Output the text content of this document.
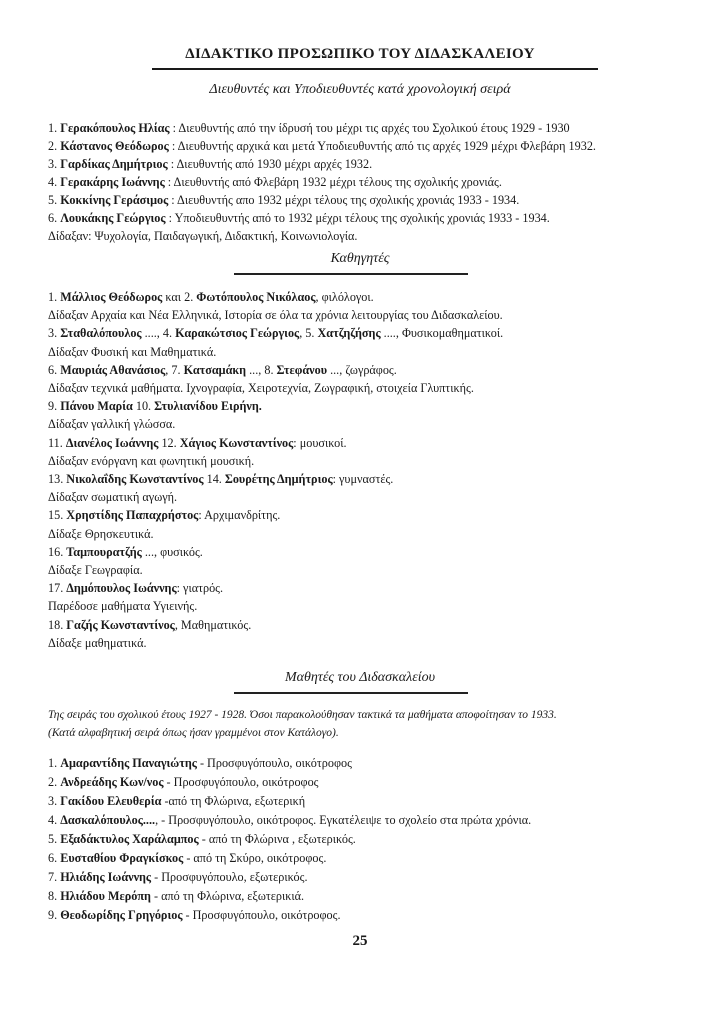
ΔΙΔΑΚΤΙΚΟ ΠΡΟΣΩΠΙΚΟ ΤΟΥ ΔΙΔΑΣΚΑΛΕΙΟΥ
Διευθυντές και Υποδιευθυντές κατά χρονολογική σειρά
1. Γερακόπουλος Ηλίας : Διευθυντής από την ίδρυσή του μέχρι τις αρχές του Σχολικού έτους 1929 - 1930
2. Κάστανος Θεόδωρος : Διευθυντής αρχικά και μετά Υποδιευθυντής από τις αρχές 1929 μέχρι Φλεβάρη 1932.
3. Γαρδίκας Δημήτριος : Διευθυντής από 1930 μέχρι αρχές 1932.
4. Γερακάρης Ιωάννης : Διευθυντής από Φλεβάρη 1932 μέχρι τέλους της σχολικής χρονιάς.
5. Κοκκίνης Γεράσιμος : Διευθυντής απο 1932 μέχρι τέλους της σχολικής χρονιάς 1933 - 1934.
6. Λουκάκης Γεώργιος : Υποδιευθυντής από το 1932 μέχρι τέλους της σχολικής χρονιάς 1933 - 1934.
Δίδαξαν: Ψυχολογία, Παιδαγωγική, Διδακτική, Κοινωνιολογία.
Καθηγητές
1. Μάλλιος Θεόδωρος και 2. Φωτόπουλος Νικόλαος, φιλόλογοι.
Δίδαξαν Αρχαία και Νέα Ελληνικά, Ιστορία σε όλα τα χρόνια λειτουργίας του Διδασκαλείου.
3. Σταθαλόπουλος ...., 4. Καρακώτσιος Γεώργιος, 5. Χατζηζήσης ...., Φυσικομαθηματικοί.
Δίδαξαν Φυσική και Μαθηματικά.
6. Μαυριάς Αθανάσιος, 7. Κατσαμάκη ..., 8. Στεφάνου ..., ζωγράφος.
Δίδαξαν τεχνικά μαθήματα. Ιχνογραφία, Χειροτεχνία, Ζωγραφική, στοιχεία Γλυπτικής.
9. Πάνου Μαρία 10. Στυλιανίδου Ειρήνη.
Δίδαξαν γαλλική γλώσσα.
11. Διανέλος Ιωάννης 12. Χάγιος Κωνσταντίνος: μουσικοί.
Δίδαξαν ενόργανη και φωνητική μουσική.
13. Νικολαΐδης Κωνσταντίνος 14. Σουρέτης Δημήτριος: γυμναστές.
Δίδαξαν σωματική αγωγή.
15. Χρηστίδης Παπαχρήστος: Αρχιμανδρίτης.
Δίδαξε Θρησκευτικά.
16. Ταμπουρατζής ..., φυσικός.
Δίδαξε Γεωγραφία.
17. Δημόπουλος Ιωάννης: γιατρός.
Παρέδοσε μαθήματα Υγιεινής.
18. Γαζής Κωνσταντίνος, Μαθηματικός.
Δίδαξε μαθηματικά.
Μαθητές του Διδασκαλείου
Της σειράς του σχολικού έτους 1927 - 1928. Όσοι παρακολούθησαν τακτικά τα μαθήματα αποφοίτησαν το 1933.
(Κατά αλφαβητική σειρά όπως ήσαν γραμμένοι στον Κατάλογο).
1. Αμαραντίδης Παναγιώτης - Προσφυγόπουλο, οικότροφος
2. Ανδρεάδης Κων/νος - Προσφυγόπουλο, οικότροφος
3. Γακίδου Ελευθερία -από τη Φλώρινα, εξωτερική
4. Δασκαλόπουλος...., - Προσφυγόπουλο, οικότροφος. Εγκατέλειψε το σχολείο στα πρώτα χρόνια.
5. Εξαδάκτυλος Χαράλαμπος - από τη Φλώρινα , εξωτερικός.
6. Ευσταθίου Φραγκίσκος - από τη Σκύρο, οικότροφος.
7. Ηλιάδης Ιωάννης - Προσφυγόπουλο, εξωτερικός.
8. Ηλιάδου Μερόπη - από τη Φλώρινα, εξωτερικιά.
9. Θεοδωρίδης Γρηγόριος - Προσφυγόπουλο, οικότροφος.
25
